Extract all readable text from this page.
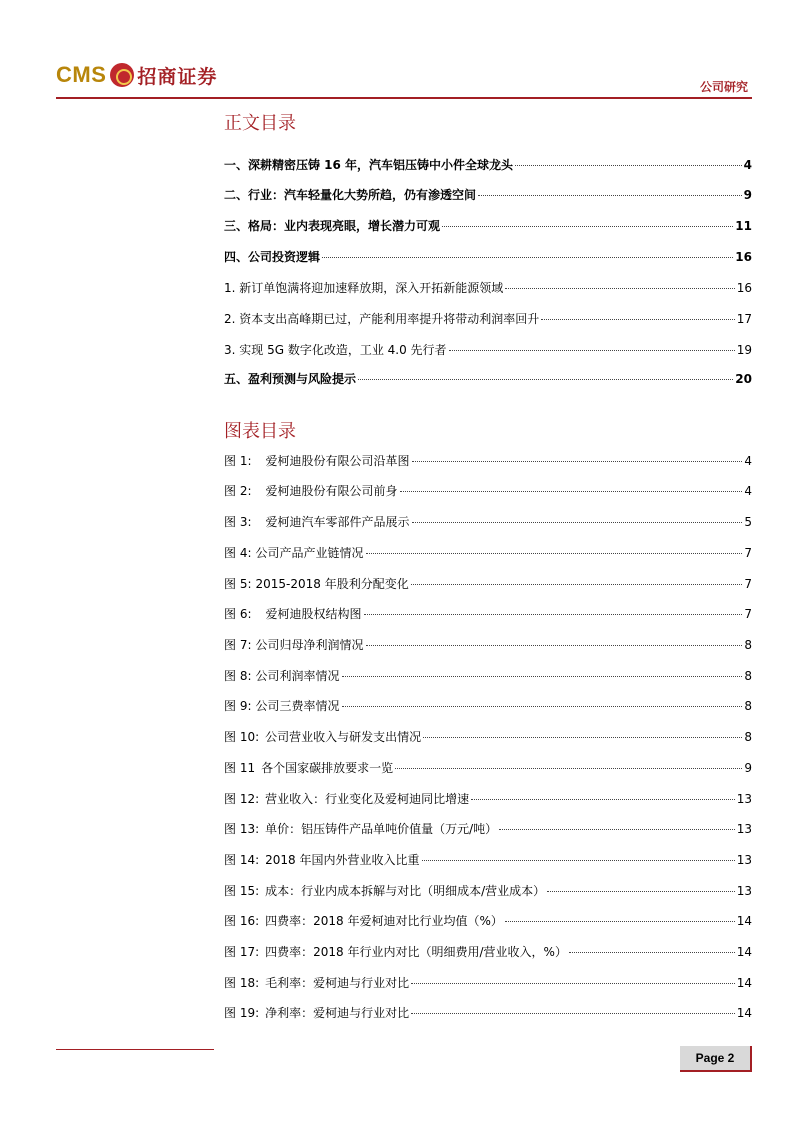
CMS 招商证券	公司研究
正文目录
一、深耕精密压铸 16 年，汽车铝压铸中小件全球龙头	4
二、行业：汽车轻量化大势所趋，仍有渗透空间	9
三、格局：业内表现亮眼，增长潜力可观	11
四、公司投资逻辑	16
1. 新订单饱满将迎加速释放期，深入开拓新能源领域	16
2. 资本支出高峰期已过，产能利用率提升将带动利润率回升	17
3. 实现 5G 数字化改造，工业 4.0 先行者	19
五、盈利预测与风险提示	20
图表目录
图 1: 爱柯迪股份有限公司沿革图	4
图 2: 爱柯迪股份有限公司前身	4
图 3: 爱柯迪汽车零部件产品展示	5
图 4: 公司产品产业链情况	7
图 5: 2015-2018 年股利分配变化	7
图 6: 爱柯迪股权结构图	7
图 7: 公司归母净利润情况	8
图 8: 公司利润率情况	8
图 9: 公司三费率情况	8
图 10: 公司营业收入与研发支出情况	8
图 11 各个国家碳排放要求一览	9
图 12: 营业收入：行业变化及爱柯迪同比增速	13
图 13: 单价：铝压铸件产品单吨价值量（万元/吨）	13
图 14: 2018 年国内外营业收入比重	13
图 15: 成本：行业内成本拆解与对比（明细成本/营业成本）	13
图 16: 四费率：2018 年爱柯迪对比行业均值（%）	14
图 17: 四费率：2018 年行业内对比（明细费用/营业收入，%）	14
图 18: 毛利率：爱柯迪与行业对比	14
图 19: 净利率：爱柯迪与行业对比	14
Page 2
